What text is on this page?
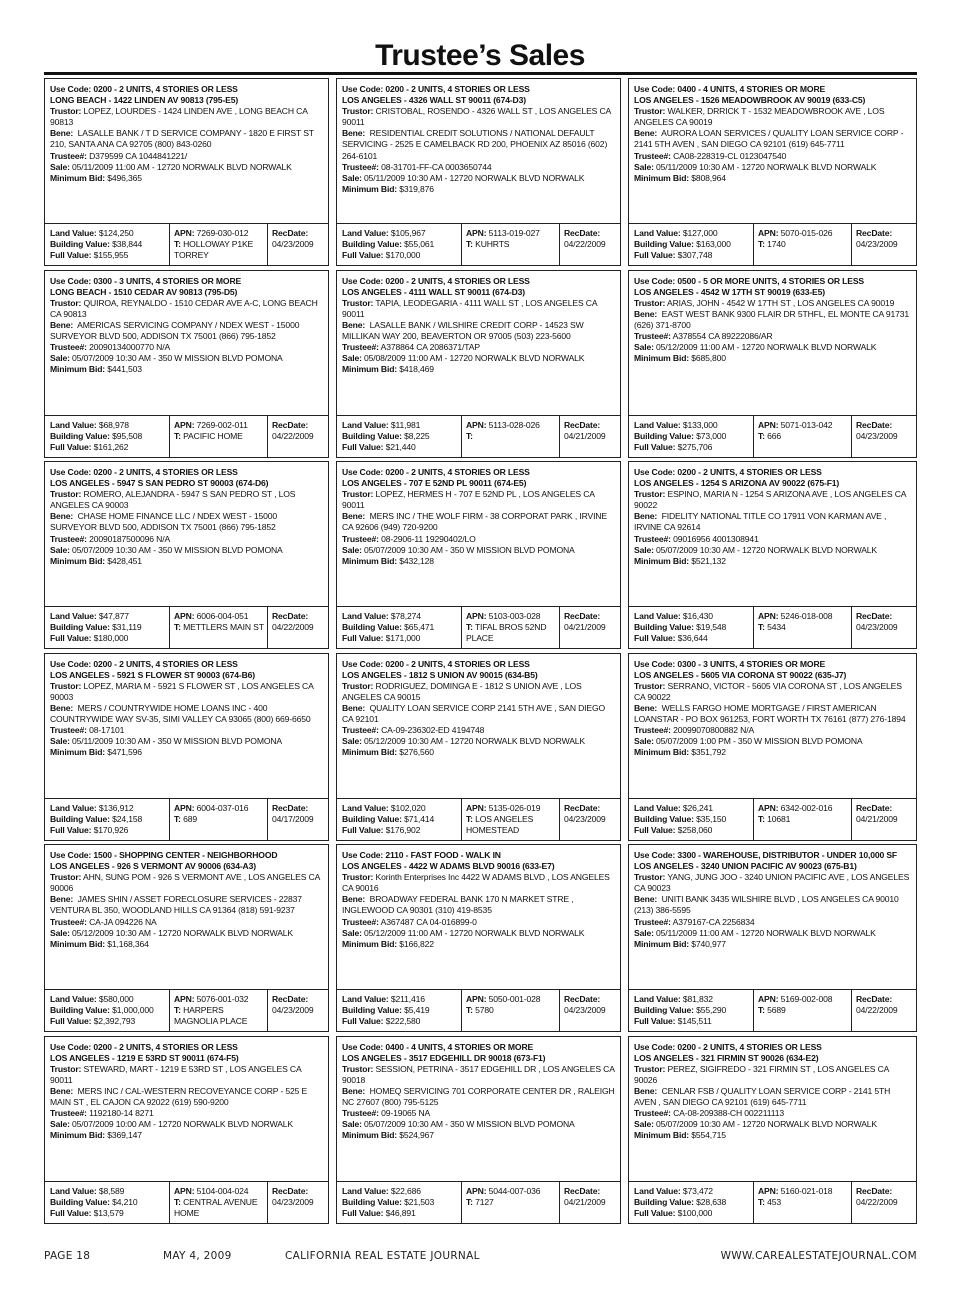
Trustee’s Sales
Use Code: 0200 - 2 UNITS, 4 STORIES OR LESS
LONG BEACH - 1422 LINDEN AV 90813 (795-E5)
Trustor: LOPEZ, LOURDES - 1424 LINDEN AVE , LONG BEACH CA 90813
Bene: LASALLE BANK / T D SERVICE COMPANY - 1820 E FIRST ST 210, SANTA ANA CA 92705 (800) 843-0260
Trustee#: D379599 CA 1044841221/
Sale: 05/11/2009 11:00 AM - 12720 NORWALK BLVD NORWALK
Minimum Bid: $496,365
Land Value: $124,250
Building Value: $38,844
Full Value: $155,955
APN: 7269-030-012
T: HOLLOWAY P1KE TORREY
RecDate:
04/23/2009
Use Code: 0200 - 2 UNITS, 4 STORIES OR LESS
LOS ANGELES - 4326 WALL ST 90011 (674-D3)
Trustor: CRISTOBAL, ROSENDO - 4326 WALL ST , LOS ANGELES CA 90011
Bene: RESIDENTIAL CREDIT SOLUTIONS / NATIONAL DEFAULT SERVICING - 2525 E CAMELBACK RD 200, PHOENIX AZ 85016 (602) 264-6101
Trustee#: 08-31701-FF-CA 0003650744
Sale: 05/11/2009 10:30 AM - 12720 NORWALK BLVD NORWALK
Minimum Bid: $319,876
Land Value: $105,967
Building Value: $55,061
Full Value: $170,000
APN: 5113-019-027
T: KUHRTS
RecDate:
04/22/2009
Use Code: 0400 - 4 UNITS, 4 STORIES OR MORE
LOS ANGELES - 1526 MEADOWBROOK AV 90019 (633-C5)
Trustor: WALKER, DRRICK T - 1532 MEADOWBROOK AVE , LOS ANGELES CA 90019
Bene: AURORA LOAN SERVICES / QUALITY LOAN SERVICE CORP - 2141 5TH AVEN , SAN DIEGO CA 92101 (619) 645-7711
Trustee#: CA08-228319-CL 0123047540
Sale: 05/11/2009 10:30 AM - 12720 NORWALK BLVD NORWALK
Minimum Bid: $808,964
Land Value: $127,000
Building Value: $163,000
Full Value: $307,748
APN: 5070-015-026
T: 1740
RecDate:
04/23/2009
Use Code: 0300 - 3 UNITS, 4 STORIES OR MORE
LONG BEACH - 1510 CEDAR AV 90813 (795-D5)
Trustor: QUIROA, REYNALDO - 1510 CEDAR AVE A-C, LONG BEACH CA 90813
Bene: AMERICAS SERVICING COMPANY / NDEX WEST - 15000 SURVEYOR BLVD 500, ADDISON TX 75001 (866) 795-1852
Trustee#: 20090134000770 N/A
Sale: 05/07/2009 10:30 AM - 350 W MISSION BLVD POMONA
Minimum Bid: $441,503
Land Value: $68,978
Building Value: $95,508
Full Value: $161,262
APN: 7269-002-011
T: PACIFIC HOME
RecDate:
04/22/2009
Use Code: 0200 - 2 UNITS, 4 STORIES OR LESS
LOS ANGELES - 4111 WALL ST 90011 (674-D3)
Trustor: TAPIA, LEODEGARIA - 4111 WALL ST , LOS ANGELES CA 90011
Bene: LASALLE BANK / WILSHIRE CREDIT CORP - 14523 SW MILLIKAN WAY 200, BEAVERTON OR 97005 (503) 223-5600
Trustee#: A378864 CA 2086371/TAP
Sale: 05/08/2009 11:00 AM - 12720 NORWALK BLVD NORWALK
Minimum Bid: $418,469
Land Value: $11,981
Building Value: $8,225
Full Value: $21,440
APN: 5113-028-026
T:
RecDate:
04/21/2009
Use Code: 0500 - 5 OR MORE UNITS, 4 STORIES OR LESS
LOS ANGELES - 4542 W 17TH ST 90019 (633-E5)
Trustor: ARIAS, JOHN - 4542 W 17TH ST , LOS ANGELES CA 90019
Bene: EAST WEST BANK 9300 FLAIR DR 5THFL, EL MONTE CA 91731 (626) 371-8700
Trustee#: A378554 CA 89222086/AR
Sale: 05/12/2009 11:00 AM - 12720 NORWALK BLVD NORWALK
Minimum Bid: $685,800
Land Value: $133,000
Building Value: $73,000
Full Value: $275,706
APN: 5071-013-042
T: 666
RecDate:
04/23/2009
Use Code: 0200 - 2 UNITS, 4 STORIES OR LESS
LOS ANGELES - 5947 S SAN PEDRO ST 90003 (674-D6)
Trustor: ROMERO, ALEJANDRA - 5947 S SAN PEDRO ST , LOS ANGELES CA 90003
Bene: CHASE HOME FINANCE LLC / NDEX WEST - 15000 SURVEYOR BLVD 500, ADDISON TX 75001 (866) 795-1852
Trustee#: 20090187500096 N/A
Sale: 05/07/2009 10:30 AM - 350 W MISSION BLVD POMONA
Minimum Bid: $428,451
Land Value: $47,877
Building Value: $31,119
Full Value: $180,000
APN: 6006-004-051
T: METTLERS MAIN ST
RecDate:
04/22/2009
Use Code: 0200 - 2 UNITS, 4 STORIES OR LESS
LOS ANGELES - 707 E 52ND PL 90011 (674-E5)
Trustor: LOPEZ, HERMES H - 707 E 52ND PL , LOS ANGELES CA 90011
Bene: MERS INC / THE WOLF FIRM - 38 CORPORAT PARK , IRVINE CA 92606 (949) 720-9200
Trustee#: 08-2906-11 19290402/LO
Sale: 05/07/2009 10:30 AM - 350 W MISSION BLVD POMONA
Minimum Bid: $432,128
Land Value: $78,274
Building Value: $65,471
Full Value: $171,000
APN: 5103-003-028
T: TIFAL BROS 52ND PLACE
RecDate:
04/21/2009
Use Code: 0200 - 2 UNITS, 4 STORIES OR LESS
LOS ANGELES - 1254 S ARIZONA AV 90022 (675-F1)
Trustor: ESPINO, MARIA N - 1254 S ARIZONA AVE , LOS ANGELES CA 90022
Bene: FIDELITY NATIONAL TITLE CO 17911 VON KARMAN AVE , IRVINE CA 92614
Trustee#: 09016956 4001308941
Sale: 05/07/2009 10:30 AM - 12720 NORWALK BLVD NORWALK
Minimum Bid: $521,132
Land Value: $16,430
Building Value: $19,548
Full Value: $36,644
APN: 5246-018-008
T: 5434
RecDate:
04/23/2009
Use Code: 0200 - 2 UNITS, 4 STORIES OR LESS
LOS ANGELES - 5921 S FLOWER ST 90003 (674-B6)
Trustor: LOPEZ, MARIA M - 5921 S FLOWER ST , LOS ANGELES CA 90003
Bene: MERS / COUNTRYWIDE HOME LOANS INC - 400 COUNTRYWIDE WAY SV-35, SIMI VALLEY CA 93065 (800) 669-6650
Trustee#: 08-17101
Sale: 05/11/2009 10:30 AM - 350 W MISSION BLVD POMONA
Minimum Bid: $471,596
Land Value: $136,912
Building Value: $24,158
Full Value: $170,926
APN: 6004-037-016
T: 689
RecDate:
04/17/2009
Use Code: 0200 - 2 UNITS, 4 STORIES OR LESS
LOS ANGELES - 1812 S UNION AV 90015 (634-B5)
Trustor: RODRIGUEZ, DOMINGA E - 1812 S UNION AVE , LOS ANGELES CA 90015
Bene: QUALITY LOAN SERVICE CORP 2141 5TH AVE , SAN DIEGO CA 92101
Trustee#: CA-09-236302-ED 4194748
Sale: 05/12/2009 10:30 AM - 12720 NORWALK BLVD NORWALK
Minimum Bid: $276,560
Land Value: $102,020
Building Value: $71,414
Full Value: $176,902
APN: 5135-026-019
T: LOS ANGELES HOMESTEAD
RecDate:
04/23/2009
Use Code: 0300 - 3 UNITS, 4 STORIES OR MORE
LOS ANGELES - 5605 VIA CORONA ST 90022 (635-J7)
Trustor: SERRANO, VICTOR - 5605 VIA CORONA ST , LOS ANGELES CA 90022
Bene: WELLS FARGO HOME MORTGAGE / FIRST AMERICAN LOANSTAR - PO BOX 961253, FORT WORTH TX 76161 (877) 276-1894
Trustee#: 20099070800882 N/A
Sale: 05/07/2009 1:00 PM - 350 W MISSION BLVD POMONA
Minimum Bid: $351,792
Land Value: $26,241
Building Value: $35,150
Full Value: $258,060
APN: 6342-002-016
T: 10681
RecDate:
04/21/2009
Use Code: 1500 - SHOPPING CENTER - NEIGHBORHOOD
LOS ANGELES - 926 S VERMONT AV 90006 (634-A3)
Trustor: AHN, SUNG POM - 926 S VERMONT AVE , LOS ANGELES CA 90006
Bene: JAMES SHIN / ASSET FORECLOSURE SERVICES - 22837 VENTURA BL 350, WOODLAND HILLS CA 91364 (818) 591-9237
Trustee#: CA-JA 094226 NA
Sale: 05/12/2009 10:30 AM - 12720 NORWALK BLVD NORWALK
Minimum Bid: $1,168,364
Land Value: $580,000
Building Value: $1,000,000
Full Value: $2,392,793
APN: 5076-001-032
T: HARPERS MAGNOLIA PLACE
RecDate:
04/23/2009
Use Code: 2110 - FAST FOOD - WALK IN
LOS ANGELES - 4422 W ADAMS BLVD 90016 (633-E7)
Trustor: Korinth Enterprises Inc 4422 W ADAMS BLVD , LOS ANGELES CA 90016
Bene: BROADWAY FEDERAL BANK 170 N MARKET STRE , INGLEWOOD CA 90301 (310) 419-8535
Trustee#: A367487 CA 04-016899-0
Sale: 05/12/2009 11:00 AM - 12720 NORWALK BLVD NORWALK
Minimum Bid: $166,822
Land Value: $211,416
Building Value: $5,419
Full Value: $222,580
APN: 5050-001-028
T: 5780
RecDate:
04/23/2009
Use Code: 3300 - WAREHOUSE, DISTRIBUTOR - UNDER 10,000 SF
LOS ANGELES - 3240 UNION PACIFIC AV 90023 (675-B1)
Trustor: YANG, JUNG JOO - 3240 UNION PACIFIC AVE , LOS ANGELES CA 90023
Bene: UNITI BANK 3435 WILSHIRE BLVD , LOS ANGELES CA 90010 (213) 386-5595
Trustee#: A379167-CA 2256834
Sale: 05/11/2009 11:00 AM - 12720 NORWALK BLVD NORWALK
Minimum Bid: $740,977
Land Value: $81,832
Building Value: $55,290
Full Value: $145,511
APN: 5169-002-008
T: 5689
RecDate:
04/22/2009
Use Code: 0200 - 2 UNITS, 4 STORIES OR LESS
LOS ANGELES - 1219 E 53RD ST 90011 (674-F5)
Trustor: STEWARD, MART - 1219 E 53RD ST , LOS ANGELES CA 90011
Bene: MERS INC / CAL-WESTERN RECOVEYANCE CORP - 525 E MAIN ST , EL CAJON CA 92022 (619) 590-9200
Trustee#: 1192180-14 8271
Sale: 05/07/2009 10:00 AM - 12720 NORWALK BLVD NORWALK
Minimum Bid: $369,147
Land Value: $8,589
Building Value: $4,210
Full Value: $13,579
APN: 5104-004-024
T: CENTRAL AVENUE HOME
RecDate:
04/23/2009
Use Code: 0400 - 4 UNITS, 4 STORIES OR MORE
LOS ANGELES - 3517 EDGEHILL DR 90018 (673-F1)
Trustor: SESSION, PETRINA - 3517 EDGEHILL DR , LOS ANGELES CA 90018
Bene: HOMEQ SERVICING 701 CORPORATE CENTER DR , RALEIGH NC 27607 (800) 795-5125
Trustee#: 09-19065 NA
Sale: 05/07/2009 10:30 AM - 350 W MISSION BLVD POMONA
Minimum Bid: $524,967
Land Value: $22,686
Building Value: $21,503
Full Value: $46,891
APN: 5044-007-036
T: 7127
RecDate:
04/21/2009
Use Code: 0200 - 2 UNITS, 4 STORIES OR LESS
LOS ANGELES - 321 FIRMIN ST 90026 (634-E2)
Trustor: PEREZ, SIGIFREDO - 321 FIRMIN ST , LOS ANGELES CA 90026
Bene: CENLAR FSB / QUALITY LOAN SERVICE CORP - 2141 5TH AVEN , SAN DIEGO CA 92101 (619) 645-7711
Trustee#: CA-08-209388-CH 002211113
Sale: 05/07/2009 10:30 AM - 12720 NORWALK BLVD NORWALK
Minimum Bid: $554,715
Land Value: $73,472
Building Value: $28,638
Full Value: $100,000
APN: 5160-021-018
T: 453
RecDate:
04/22/2009
PAGE 18	MAY 4, 2009	CALIFORNIA REAL ESTATE JOURNAL	WWW.CAREALESTATEJOURNAL.COM
